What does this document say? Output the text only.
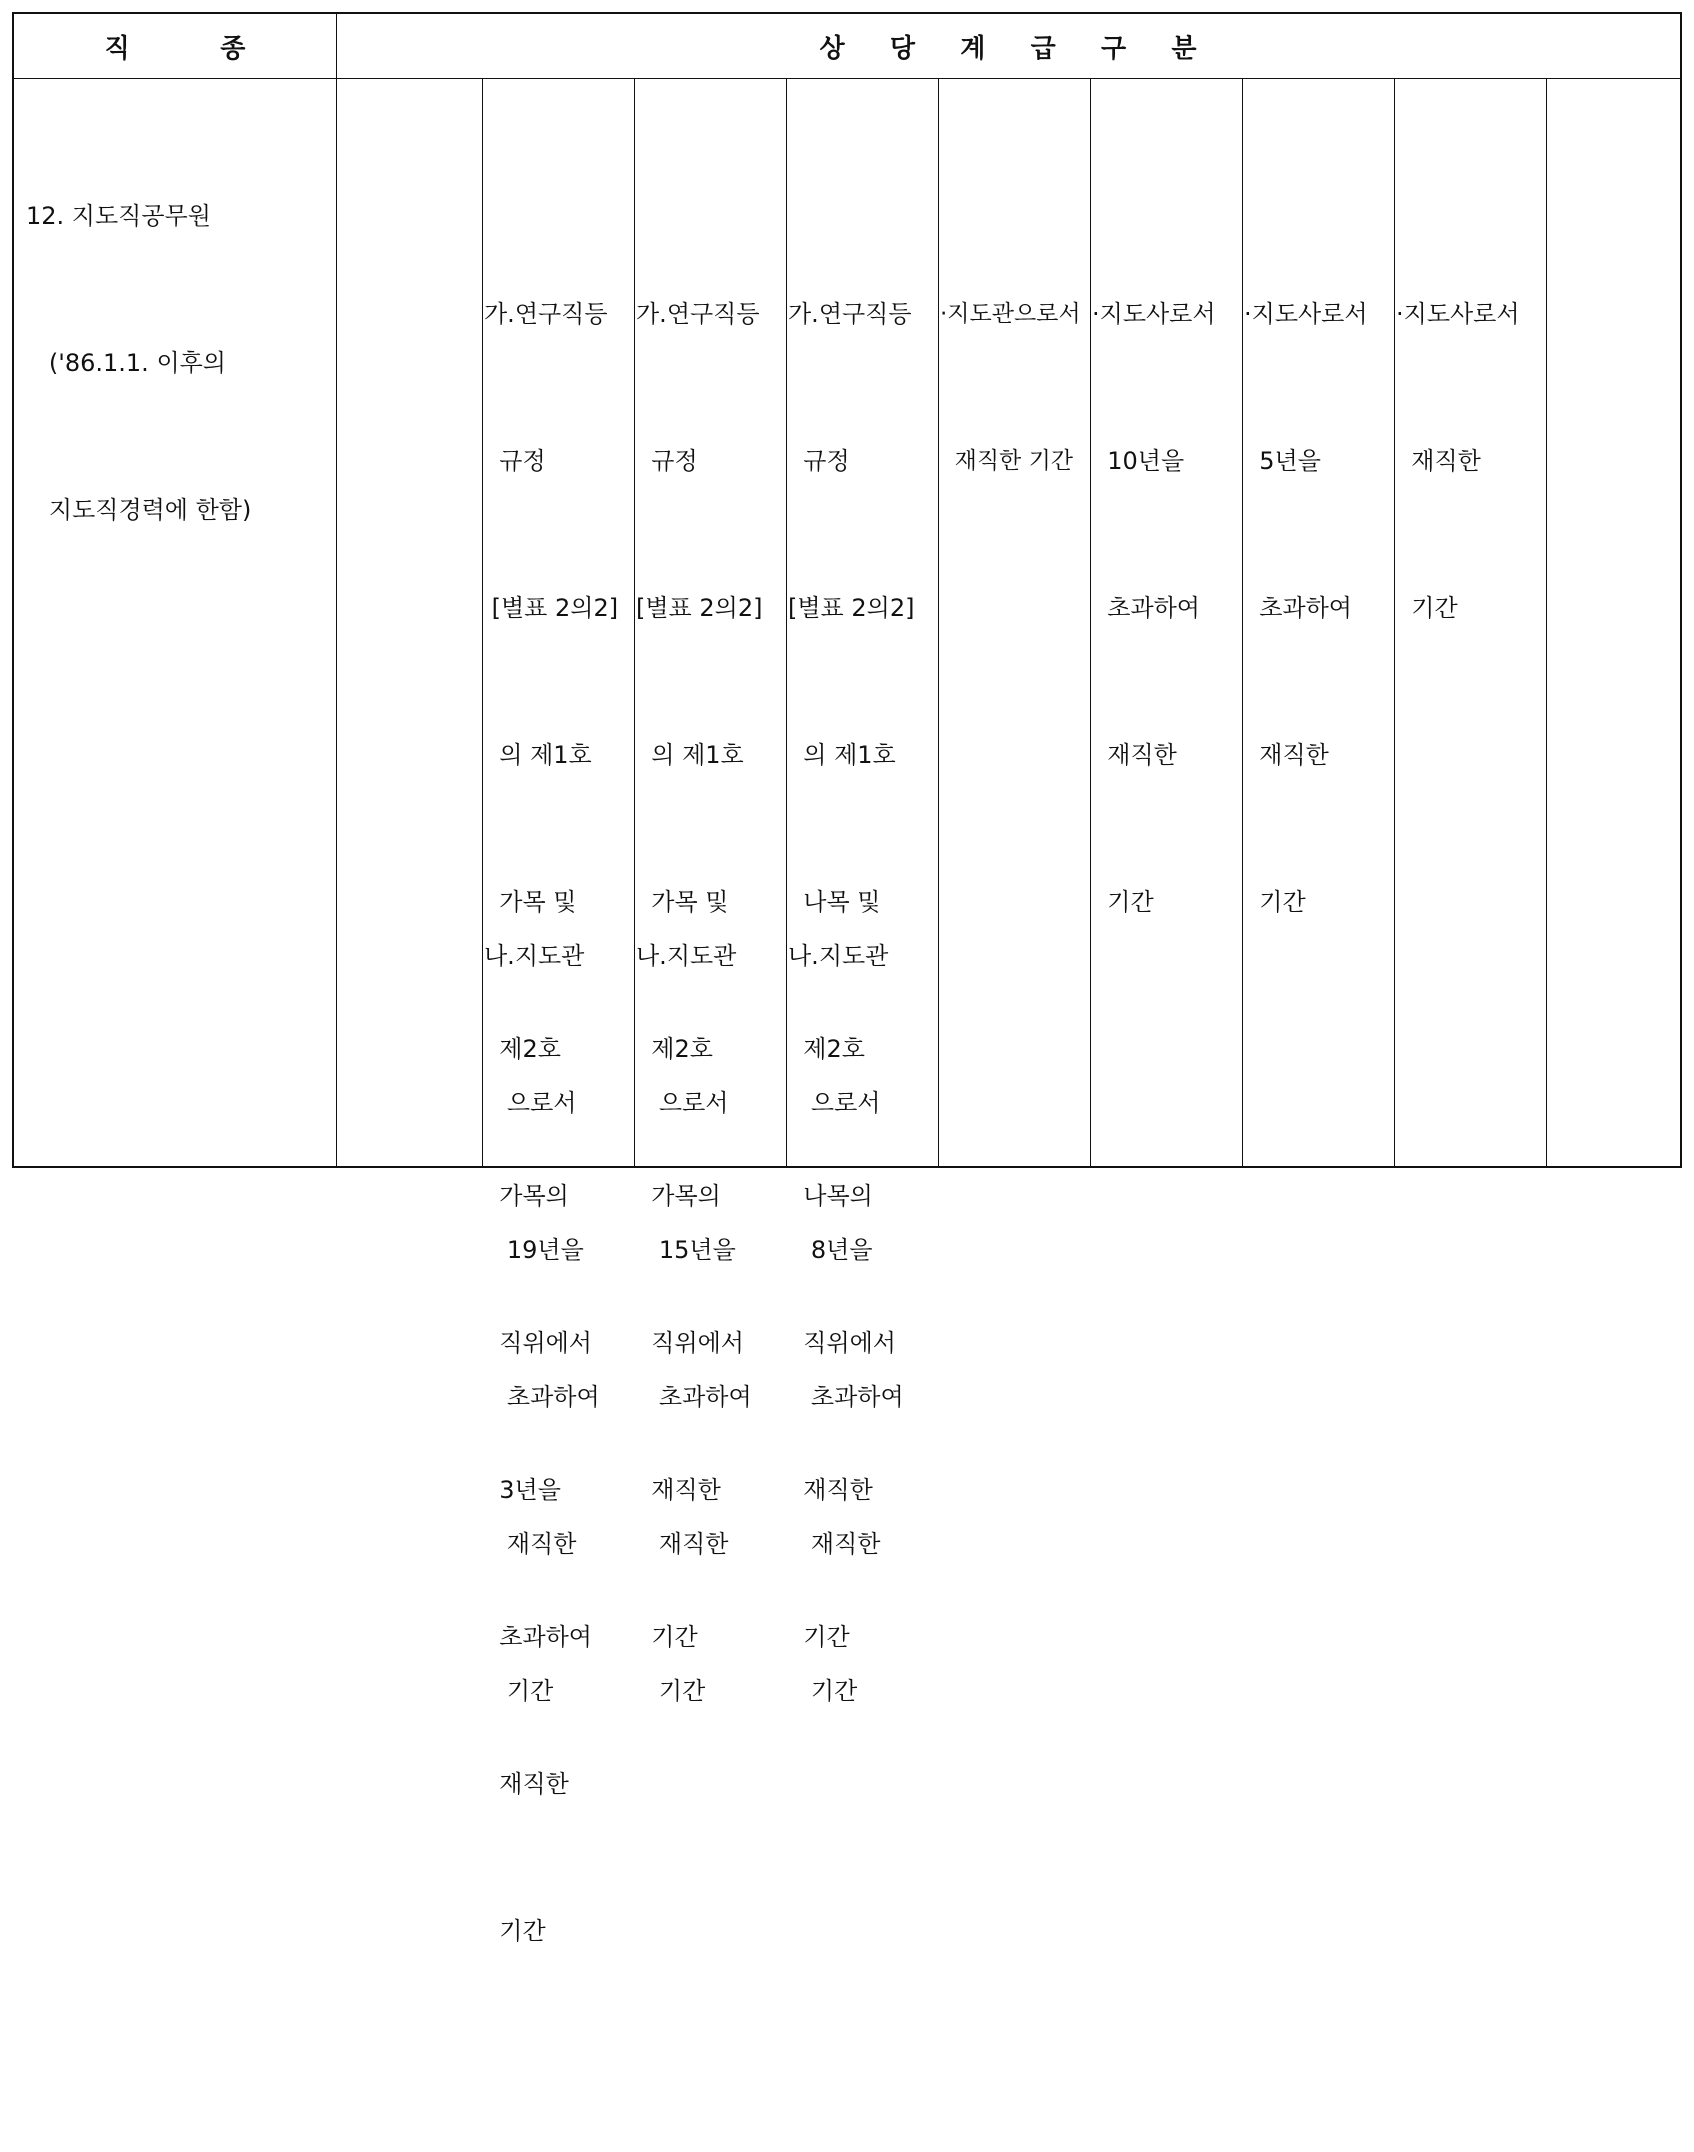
직          종	상     당     계     급     구     분

12. 지도직공무원

('86.1.1. 이후의

지도직경력에 한함)

가.연구직등

규정

[별표 2의2]

의 제1호

가목 및

제2호

가목의

직위에서

3년을

초과하여

재직한

기간

나.지도관

으로서

19년을

초과하여

재직한

기간

가.연구직등

규정

[별표 2의2]

의 제1호

가목 및

제2호

가목의

직위에서

재직한

기간

나.지도관

으로서

15년을

초과하여

재직한

기간

가.연구직등

규정

[별표 2의2]

의 제1호

나목 및

제2호

나목의

직위에서

재직한

기간

나.지도관

으로서

8년을

초과하여

재직한

기간

·지도관으로서

재직한 기간

·지도사로서

10년을

초과하여

재직한

기간

·지도사로서

5년을

초과하여

재직한

기간

·지도사로서

재직한

기간
